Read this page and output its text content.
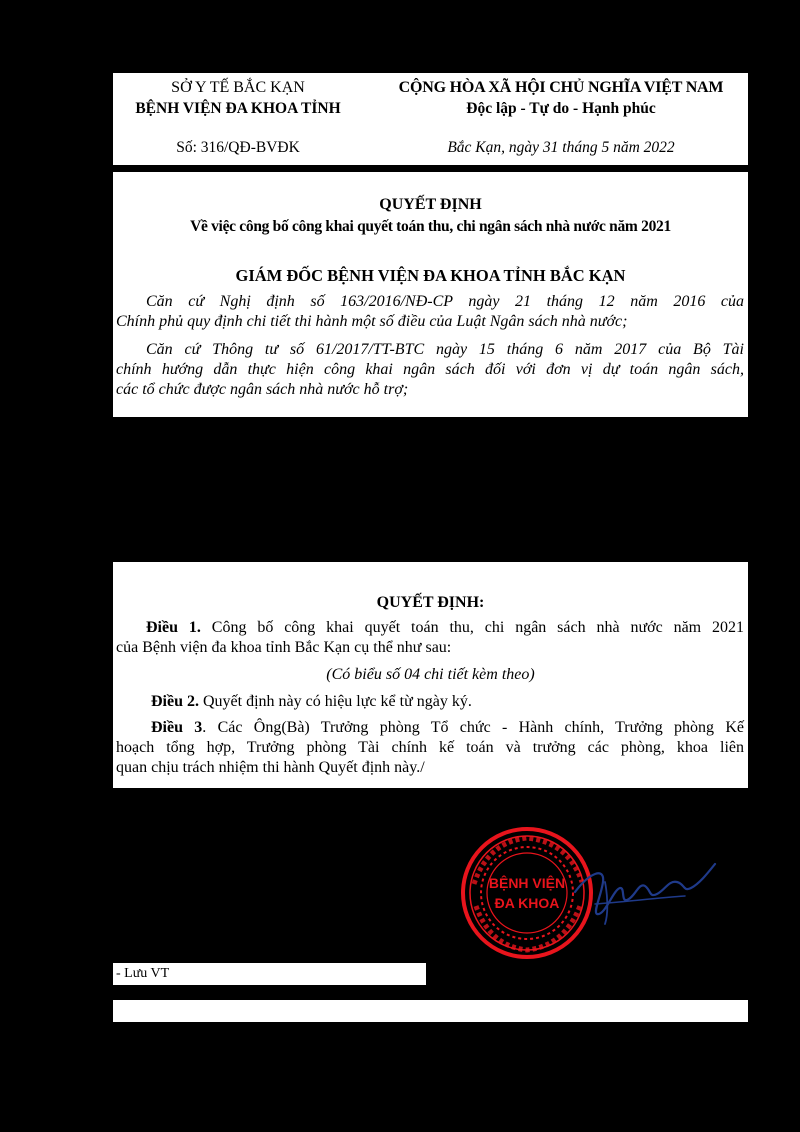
SỞ Y TẾ BẮC KẠN
BỆNH VIỆN ĐA KHOA TỈNH
CỘNG HÒA XÃ HỘI CHỦ NGHĨA VIỆT NAM
Độc lập - Tự do - Hạnh phúc
Số: 316/QĐ-BVĐK	Bắc Kạn, ngày 31 tháng 5 năm 2022
QUYẾT ĐỊNH
Về việc công bố công khai quyết toán thu, chi ngân sách nhà nước năm 2021
GIÁM ĐỐC BỆNH VIỆN ĐA KHOA TỈNH BẮC KẠN
Căn cứ Nghị định số 163/2016/NĐ-CP ngày 21 tháng 12 năm 2016 của
Chính phủ quy định chi tiết thi hành một số điều của Luật Ngân sách nhà nước;
Căn cứ Thông tư số 61/2017/TT-BTC ngày 15 tháng 6 năm 2017 của Bộ Tài
chính hướng dẫn thực hiện công khai ngân sách đối với đơn vị dự toán ngân sách,
các tổ chức được ngân sách nhà nước hỗ trợ;
QUYẾT ĐỊNH:
Điều 1. Công bố công khai quyết toán thu, chi ngân sách nhà nước năm 2021
của Bệnh viện đa khoa tỉnh Bắc Kạn cụ thể như sau:
(Có biểu số 04 chi tiết kèm theo)
Điều 2. Quyết định này có hiệu lực kể từ ngày ký.
Điều 3. Các Ông(Bà) Trưởng phòng Tổ chức - Hành chính, Trưởng phòng Kế
hoạch tổng hợp, Trưởng phòng Tài chính kế toán và trưởng các phòng, khoa liên
quan chịu trách nhiệm thi hành Quyết định này./
BỆNH VIỆN
ĐA KHOA
- Lưu VT
